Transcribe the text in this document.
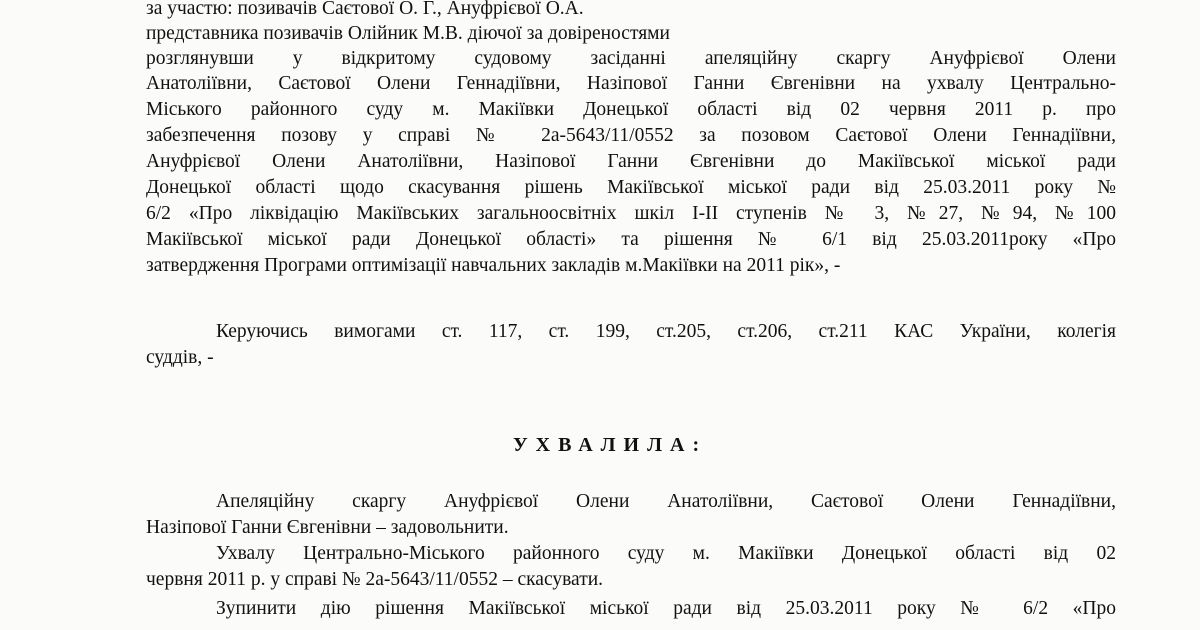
за участю: позивачів Саєтової О. Г., Ануфрієвої О.А.
представника позивачів Олійник М.В. діючої за довіреностями
розглянувши у відкритому судовому засіданні апеляційну скаргу Ануфрієвої Олени
Анатоліївни, Саєтової Олени Геннадіївни, Назіпової Ганни Євгенівни на ухвалу Центрально-
Міського районного суду м. Макіївки Донецької області від 02 червня 2011 р. про
забезпечення позову у справі № 2а-5643/11/0552 за позовом Саєтової Олени Геннадіївни,
Ануфрієвої Олени Анатоліївни, Назіпової Ганни Євгенівни до Макіївської міської ради
Донецької області щодо скасування рішень Макіївської міської ради від 25.03.2011 року №
6/2 «Про ліквідацію Макіївських загальноосвітніх шкіл І-ІІ ступенів № 3, №27, №94, №100
Макіївської міської ради Донецької області» та рішення № 6/1 від 25.03.2011року «Про
затвердження Програми оптимізації навчальних закладів м.Макіївки на 2011 рік», -
Керуючись вимогами ст. 117, ст. 199, ст.205, ст.206, ст.211 КАС України, колегія
суддів, -
УХВАЛИЛА:
Апеляційну скаргу Ануфрієвої Олени Анатоліївни, Саєтової Олени Геннадіївни,
Назіпової Ганни Євгенівни – задовольнити.
Ухвалу Центрально-Міського районного суду м. Макіївки Донецької області від 02
червня 2011 р. у справі № 2а-5643/11/0552 – скасувати.
Зупинити дію рішення Макіївської міської ради від 25.03.2011 року № 6/2 «Про
